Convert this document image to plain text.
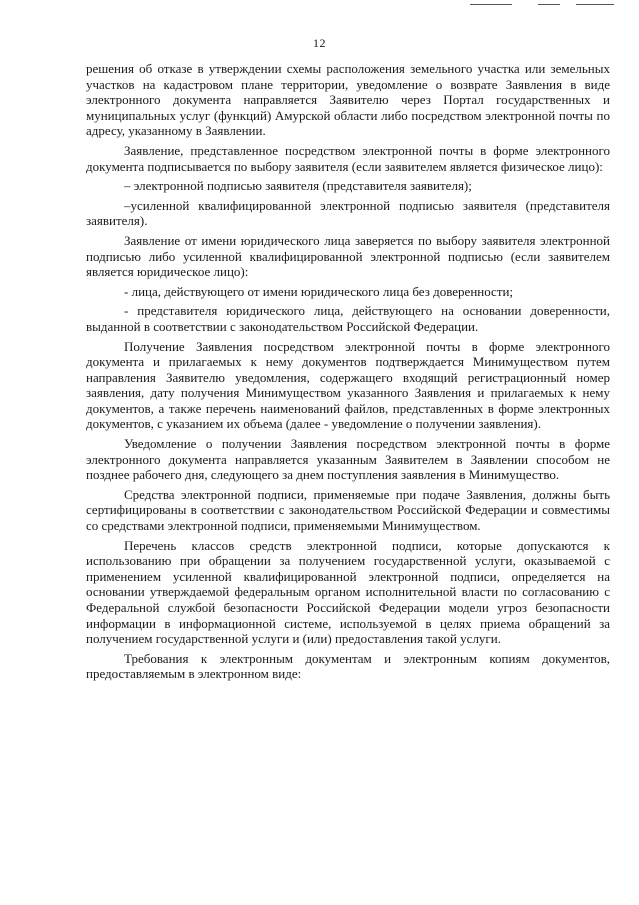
12

решения об отказе в утверждении схемы расположения земельного участка или земельных участков на кадастровом плане территории, уведомление о возврате Заявления в виде электронного документа направляется Заявителю через Портал государственных и муниципальных услуг (функций) Амурской области либо посредством электронной почты по адресу, указанному в Заявлении.

Заявление, представленное посредством электронной почты в форме электронного документа подписывается по выбору заявителя (если заявителем является физическое лицо):

– электронной подписью заявителя (представителя заявителя);

–усиленной квалифицированной электронной подписью заявителя (представителя заявителя).

Заявление от имени юридического лица заверяется по выбору заявителя электронной подписью либо усиленной квалифицированной электронной подписью (если заявителем является юридическое лицо):

- лица, действующего от имени юридического лица без доверенности;

- представителя юридического лица, действующего на основании доверенности, выданной в соответствии с законодательством Российской Федерации.

Получение Заявления посредством электронной почты в форме электронного документа и прилагаемых к нему документов подтверждается Минимуществом путем направления Заявителю уведомления, содержащего входящий регистрационный номер заявления, дату получения Минимуществом указанного Заявления и прилагаемых к нему документов, а также перечень наименований файлов, представленных в форме электронных документов, с указанием их объема (далее - уведомление о получении заявления).

Уведомление о получении Заявления посредством электронной почты в форме электронного документа направляется указанным Заявителем в Заявлении способом не позднее рабочего дня, следующего за днем поступления заявления в Минимущество.

Средства электронной подписи, применяемые при подаче Заявления, должны быть сертифицированы в соответствии с законодательством Российской Федерации и совместимы со средствами электронной подписи, применяемыми Минимуществом.

Перечень классов средств электронной подписи, которые допускаются к использованию при обращении за получением государственной услуги, оказываемой с применением усиленной квалифицированной электронной подписи, определяется на основании утверждаемой федеральным органом исполнительной власти по согласованию с Федеральной службой безопасности Российской Федерации модели угроз безопасности информации в информационной системе, используемой в целях приема обращений за получением государственной услуги и (или) предоставления такой услуги.

Требования к электронным документам и электронным копиям документов, предоставляемым в электронном виде:
